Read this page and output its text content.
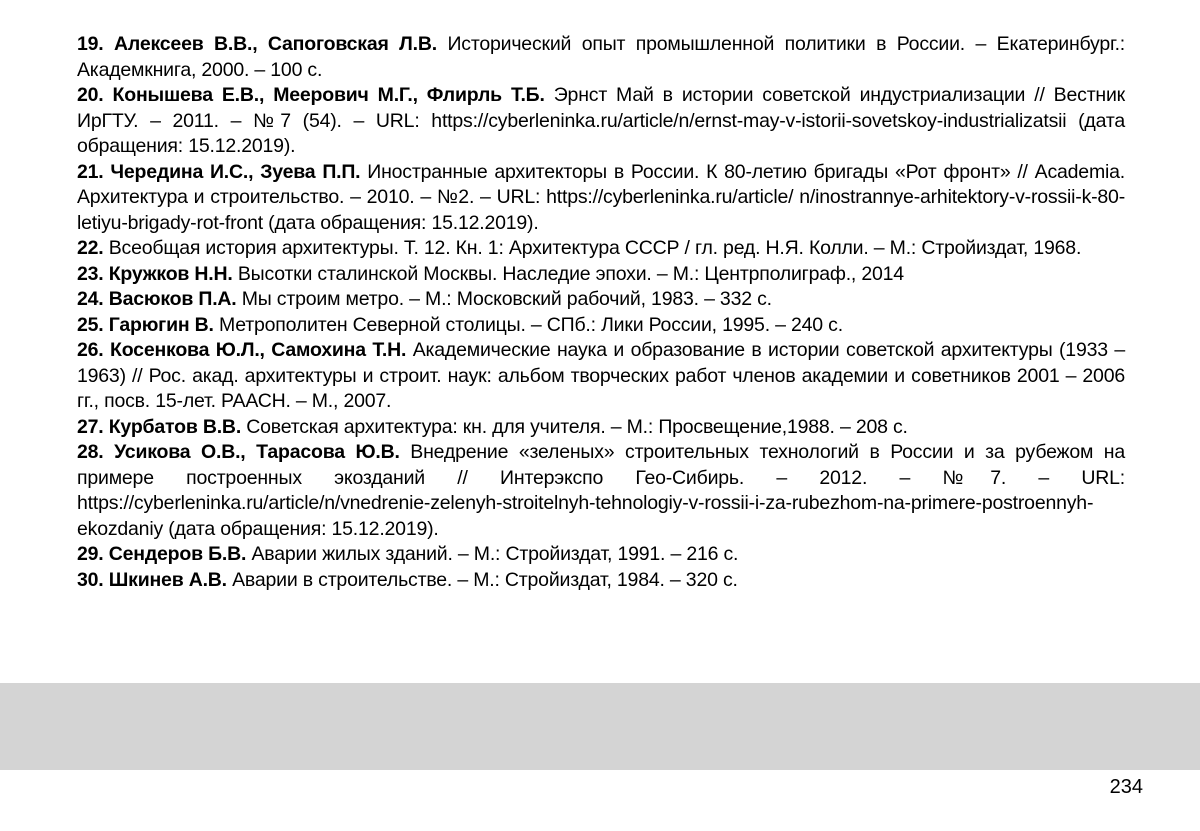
19. Алексеев В.В., Сапоговская Л.В. Исторический опыт промышленной политики в России. – Екатеринбург.: Академкнига, 2000. – 100 с.

20. Конышева Е.В., Меерович М.Г., Флирль Т.Б. Эрнст Май в истории советской индустриализации // Вестник ИрГТУ. – 2011. – №7 (54). – URL: https://cyberleninka.ru/article/n/ernst-may-v-istorii-sovetskoy-industrializatsii (дата обращения: 15.12.2019).

21. Чередина И.С., Зуева П.П. Иностранные архитекторы в России. К 80-летию бригады «Рот фронт» // Academia. Архитектура и строительство. – 2010. – №2. – URL: https://cyberleninka.ru/article/ n/inostrannye-arhitektory-v-rossii-k-80-letiyu-brigady-rot-front (дата обращения: 15.12.2019).

22. Всеобщая история архитектуры. Т. 12. Кн. 1: Архитектура СССР / гл. ред. Н.Я. Колли. – М.: Стройиздат, 1968.

23. Кружков Н.Н. Высотки сталинской Москвы. Наследие эпохи. – М.: Центрполиграф., 2014

24. Васюков П.А. Мы строим метро. – М.: Московский рабочий, 1983. – 332 с.

25. Гарюгин В. Метрополитен Северной столицы. – СПб.: Лики России, 1995. – 240 с.

26. Косенкова Ю.Л., Самохина Т.Н. Академические наука и образование в истории советской архитектуры (1933 – 1963) // Рос. акад. архитектуры и строит. наук: альбом творческих работ членов академии и советников 2001 – 2006 гг., посв. 15-лет. РААСН. – М., 2007.

27. Курбатов В.В. Советская архитектура: кн. для учителя. – М.: Просвещение,1988. – 208 с.

28. Усикова О.В., Тарасова Ю.В. Внедрение «зеленых» строительных технологий в России и за рубежом на примере построенных экозданий // Интерэкспо Гео-Сибирь. – 2012. – №7. – URL: https://cyberleninka.ru/article/n/vnedrenie-zelenyh-stroitelnyh-tehnologiy-v-rossii-i-za-rubezhom-na-primere-postroennyh-ekozdaniy (дата обращения: 15.12.2019).

29. Сендеров Б.В. Аварии жилых зданий. – М.: Стройиздат, 1991. – 216 с.

30. Шкинев А.В. Аварии в строительстве. – М.: Стройиздат, 1984. – 320 с.

234
